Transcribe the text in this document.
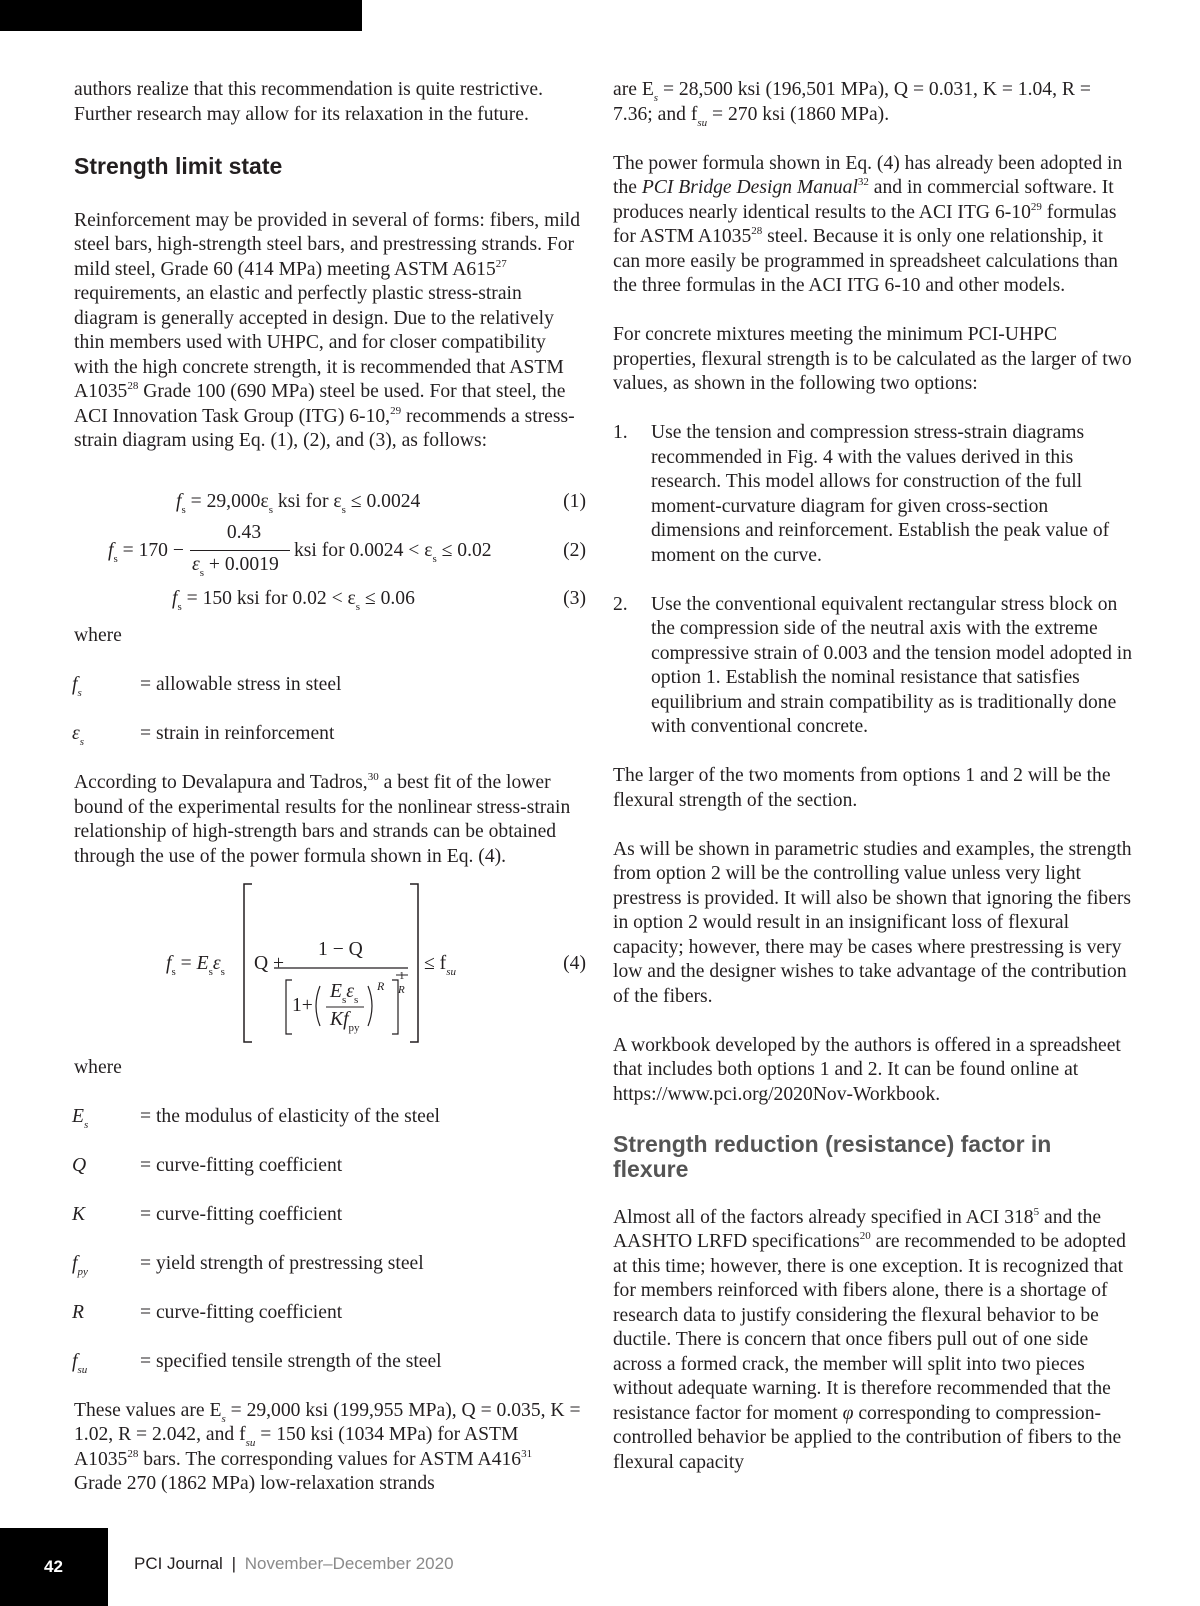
authors realize that this recommendation is quite restrictive. Further research may allow for its relaxation in the future.

Strength limit state

Reinforcement may be provided in several of forms: fibers, mild steel bars, high-strength steel bars, and prestressing strands. For mild steel, Grade 60 (414 MPa) meeting ASTM $A615^{27}$ requirements, an elastic and perfectly plastic stress-strain diagram is generally accepted in design. Due to the relatively thin members used with UHPC, and for closer compatibility with the high concrete strength, it is recommended that ASTM A1035$^{28}$ Grade 100 (690 MPa) steel be used. For that steel, the ACI Innovation Task Group (ITG) 6-10,29 recommends a stress-strain diagram using Eq. (1), (2), and (3), as follows:

$f_s = 29,000\varepsilon_s$ ksi for $\varepsilon_s \le 0.0024$	(1)
$f_s = 170$ −
0.43
$\varepsilon_s + 0.0019$
ksi for $0.0024 < \varepsilon_s \le 0.02$	(2)
$f_s = 150$ ksi for $0.02 < \varepsilon_s \le 0.06$	(3)
where
$f_s$	= allowable stress in steel
$\varepsilon_s$	= strain in reinforcement

According to Devalapura and Tadros,$^{30}$ a best fit of the lower bound of the experimental results for the nonlinear stress-strain relationship of high-strength bars and strands can be obtained through the use of the power formula shown in Eq. (4).

$f_s = E_s\varepsilon_s$ Q +
1 − Q
1+
$E_s\varepsilon_s$
$Kf_{py}$
R
1
R
≤ $f_{su}$	(4)
where
$E_s$	= the modulus of elasticity of the steel
Q	= curve-fitting coefficient
K	= curve-fitting coefficient
$f_{py}$	= yield strength of prestressing steel
R	= curve-fitting coefficient
$f_{su}$	= specified tensile strength of the steel

These values are $E_s = 29,000$ ksi (199,955 MPa), Q = 0.035, K = 1.02, R = 2.042, and $f_{su} = 150$ ksi (1034 MPa) for ASTM A1035$^{28}$ bars. The corresponding values for ASTM $A416^{31}$ Grade 270 (1862 MPa) low-relaxation strands

are $E_s = 28,500$ ksi (196,501 MPa), Q = 0.031, K = 1.04, R = 7.36; and $f_{su} = 270$ ksi (1860 MPa).

The power formula shown in Eq. (4) has already been adopted in the PCI Bridge Design Manual$^{32}$ and in commercial software. It produces nearly identical results to the ACI ITG $6-10^{29}$ formulas for ASTM A1035$^{28}$ steel. Because it is only one relationship, it can more easily be programmed in spreadsheet calculations than the three formulas in the ACI ITG 6-10 and other models.

For concrete mixtures meeting the minimum PCI-UHPC properties, flexural strength is to be calculated as the larger of two values, as shown in the following two options:

1. Use the tension and compression stress-strain diagrams recommended in Fig. 4 with the values derived in this research. This model allows for construction of the full moment-curvature diagram for given cross-section dimensions and reinforcement. Establish the peak value of moment on the curve.
2. Use the conventional equivalent rectangular stress block on the compression side of the neutral axis with the extreme compressive strain of 0.003 and the tension model adopted in option 1. Establish the nominal resistance that satisfies equilibrium and strain compatibility as is traditionally done with conventional concrete.

The larger of the two moments from options 1 and 2 will be the flexural strength of the section.

As will be shown in parametric studies and examples, the strength from option 2 will be the controlling value unless very light prestress is provided. It will also be shown that ignoring the fibers in option 2 would result in an insignificant loss of flexural capacity; however, there may be cases where prestressing is very low and the designer wishes to take advantage of the contribution of the fibers.

A workbook developed by the authors is offered in a spreadsheet that includes both options 1 and 2. It can be found online at https://www.pci.org/2020Nov-Workbook.

Strength reduction (resistance) factor in flexure

Almost all of the factors already specified in ACI $318^5$ and the AASHTO LRFD specifications$^{20}$ are recommended to be adopted at this time; however, there is one exception. It is recognized that for members reinforced with fibers alone, there is a shortage of research data to justify considering the flexural behavior to be ductile. There is concern that once fibers pull out of one side across a formed crack, the member will split into two pieces without adequate warning. It is therefore recommended that the resistance factor for moment φ corresponding to compression-controlled behavior be applied to the contribution of fibers to the flexural capacity

42	PCI Journal | November–December 2020
